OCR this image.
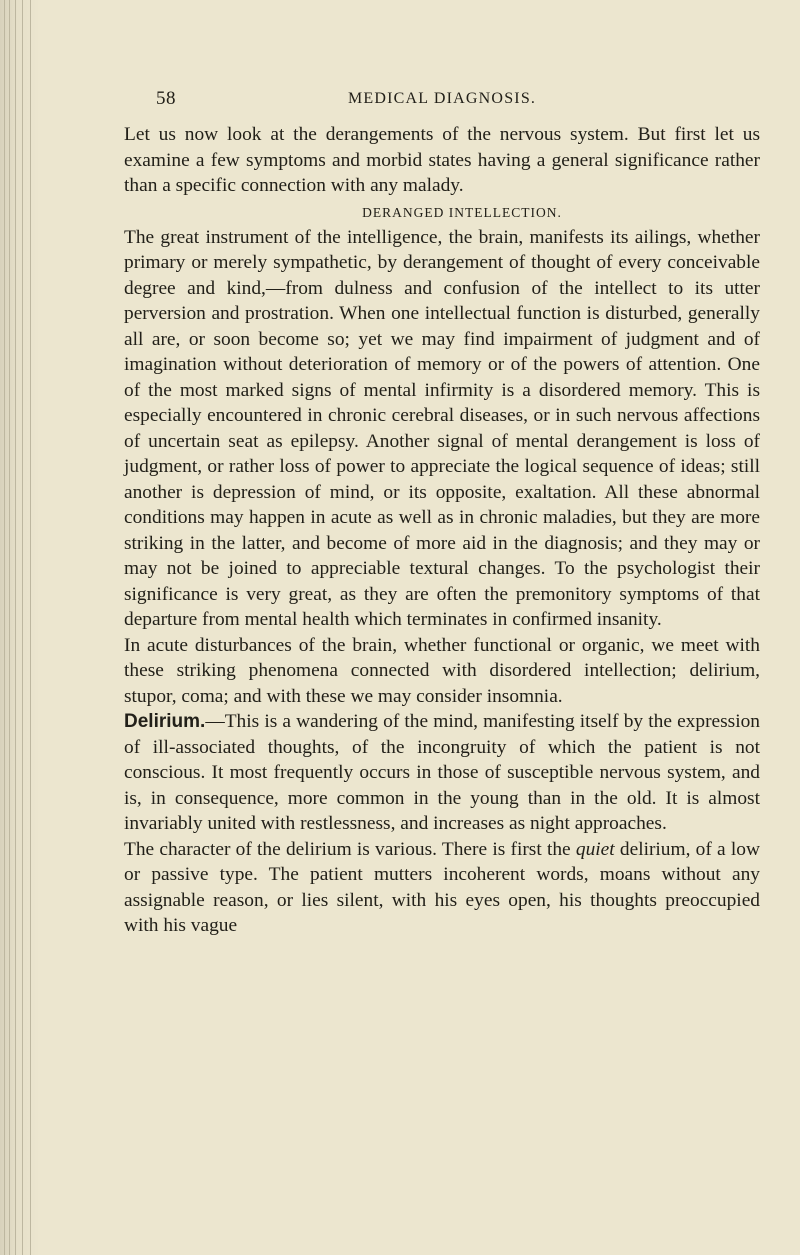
58	MEDICAL DIAGNOSIS.

Let us now look at the derangements of the nervous system. But first let us examine a few symptoms and morbid states having a general significance rather than a specific connection with any malady.

DERANGED INTELLECTION.

The great instrument of the intelligence, the brain, manifests its ailings, whether primary or merely sympathetic, by derangement of thought of every conceivable degree and kind,—from dulness and confusion of the intellect to its utter perversion and prostration. When one intellectual function is disturbed, generally all are, or soon become so; yet we may find impairment of judgment and of imagination without deterioration of memory or of the powers of attention. One of the most marked signs of mental infirmity is a disordered memory. This is especially encountered in chronic cerebral diseases, or in such nervous affections of uncertain seat as epilepsy. Another signal of mental derangement is loss of judgment, or rather loss of power to appreciate the logical sequence of ideas; still another is depression of mind, or its opposite, exaltation. All these abnormal conditions may happen in acute as well as in chronic maladies, but they are more striking in the latter, and become of more aid in the diagnosis; and they may or may not be joined to appreciable textural changes. To the psychologist their significance is very great, as they are often the premonitory symptoms of that departure from mental health which terminates in confirmed insanity.

In acute disturbances of the brain, whether functional or organic, we meet with these striking phenomena connected with disordered intellection; delirium, stupor, coma; and with these we may consider insomnia.

Delirium.—This is a wandering of the mind, manifesting itself by the expression of ill-associated thoughts, of the incongruity of which the patient is not conscious. It most frequently occurs in those of susceptible nervous system, and is, in consequence, more common in the young than in the old. It is almost invariably united with restlessness, and increases as night approaches.

The character of the delirium is various. There is first the quiet delirium, of a low or passive type. The patient mutters incoherent words, moans without any assignable reason, or lies silent, with his eyes open, his thoughts preoccupied with his vague
